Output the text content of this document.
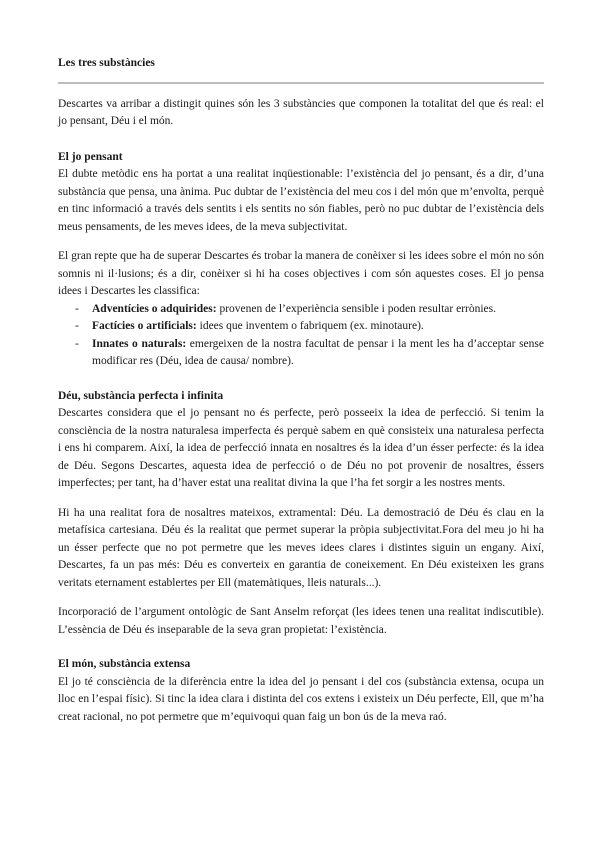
Les tres substàncies

Descartes va arribar a distingit quines són les 3 substàncies que componen la totalitat del que és real: el jo pensant, Déu i el món.

El jo pensant

El dubte metòdic ens ha portat a una realitat inqüestionable: l’existència del jo pensant, és a dir, d’una substància que pensa, una ànima. Puc dubtar de l’existència del meu cos i del món que m’envolta, perquè en tinc informació a través dels sentits i els sentits no són fiables, però no puc dubtar de l’existència dels meus pensaments, de les meves idees, de la meva subjectivitat.

El gran repte que ha de superar Descartes és trobar la manera de conèixer si les idees sobre el món no són somnis ni il·lusions; és a dir, conèixer si hi ha coses objectives i com són aquestes coses. El jo pensa idees i Descartes les classifica:

- Adventícies o adquirides: provenen de l’experiència sensible i poden resultar errònies.
- Factícies o artificials: idees que inventem o fabriquem (ex. minotaure).
- Innates o naturals: emergeixen de la nostra facultat de pensar i la ment les ha d’acceptar sense modificar res (Déu, idea de causa/ nombre).
Déu, substància perfecta i infinita

Descartes considera que el jo pensant no és perfecte, però posseeix la idea de perfecció. Si tenim la consciència de la nostra naturalesa imperfecta és perquè sabem en què consisteix una naturalesa perfecta i ens hi comparem. Així, la idea de perfecció innata en nosaltres és la idea d’un ésser perfecte: és la idea de Déu. Segons Descartes, aquesta idea de perfecció o de Déu no pot provenir de nosaltres, éssers imperfectes; per tant, ha d’haver estat una realitat divina la que l’ha fet sorgir a les nostres ments.

Hi ha una realitat fora de nosaltres mateixos, extramental: Déu. La demostració de Déu és clau en la metafísica cartesiana. Déu és la realitat que permet superar la pròpia subjectivitat.Fora del meu jo hi ha un ésser perfecte que no pot permetre que les meves idees clares i distintes siguin un engany. Així, Descartes, fa un pas més: Déu es converteix en garantia de coneixement. En Déu existeixen les grans veritats eternament establertes per Ell (matemàtiques, lleis naturals...).

Incorporació de l’argument ontològic de Sant Anselm reforçat (les idees tenen una realitat indiscutible). L’essència de Déu és inseparable de la seva gran propietat: l’existència.

El món, substància extensa

El jo té consciència de la diferència entre la idea del jo pensant i del cos (substància extensa, ocupa un lloc en l’espai físic). Si tinc la idea clara i distinta del cos extens i existeix un Déu perfecte, Ell, que m’ha creat racional, no pot permetre que m’equivoqui quan faig un bon ús de la meva raó.
